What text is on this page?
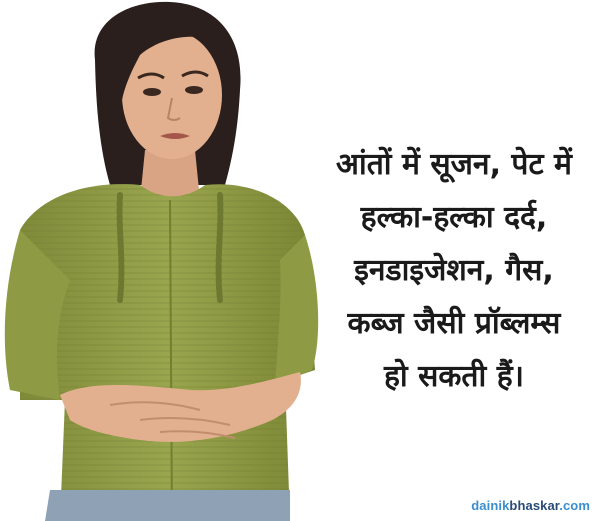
आंतों में सूजन, पेट में
हल्का-हल्का दर्द,
इनडाइजेशन, गैस,
कब्ज जैसी प्रॉब्लम्स
हो सकती हैं।
dainikbhaskar.com
